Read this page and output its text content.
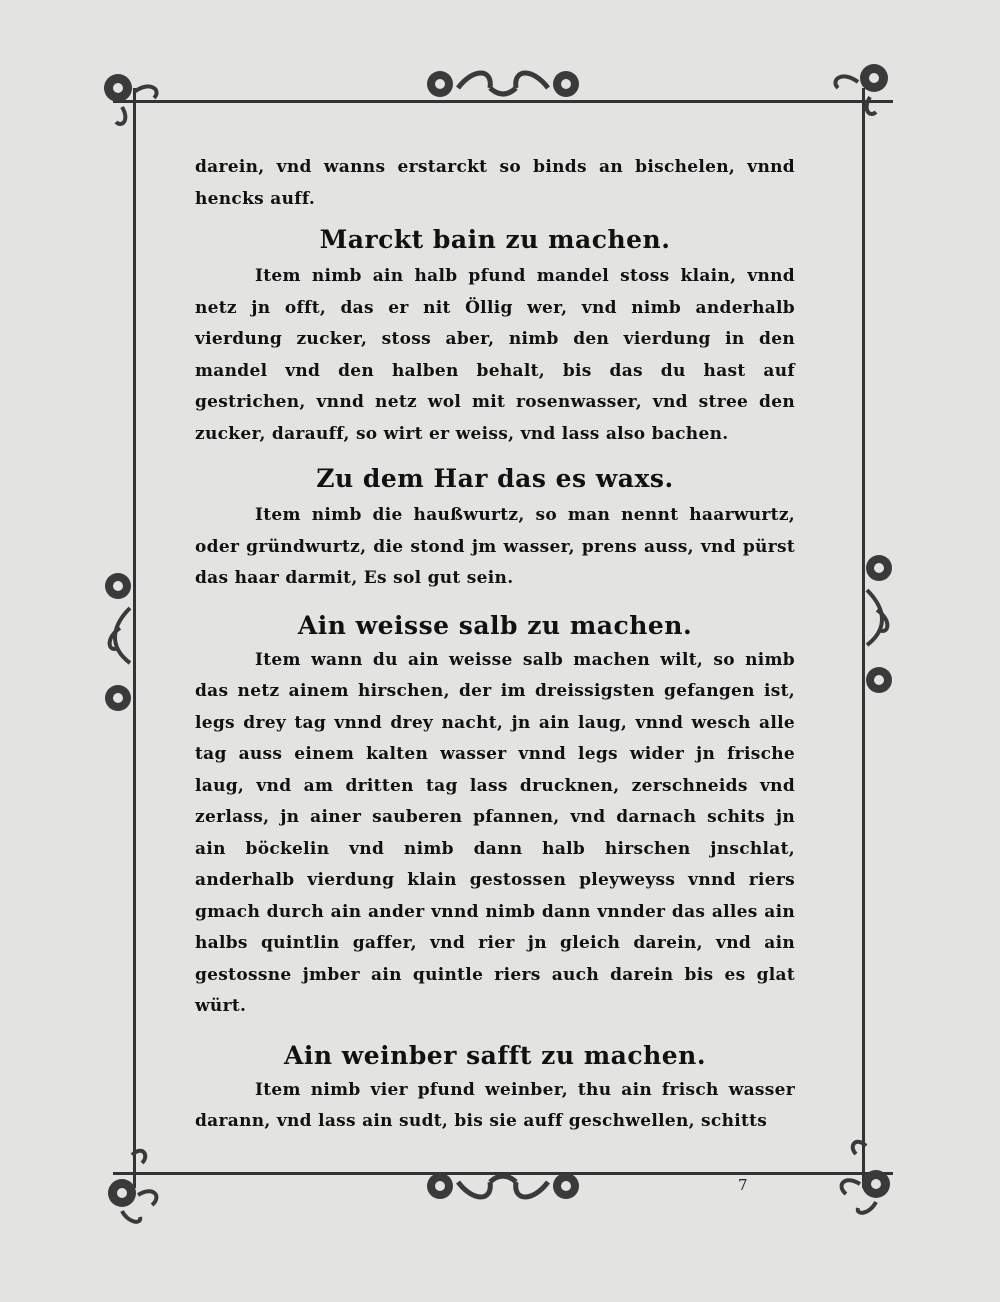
darein, vnd wanns erstarckt so binds an bischelen, vnnd hencks auff.

Marckt bain zu machen.

Item nimb ain halb pfund mandel stoss klain, vnnd netz jn offt, das er nit Öllig wer, vnd nimb anderhalb vierdung zucker, stoss aber, nimb den vierdung in den mandel vnd den halben behalt, bis das du hast auf gestrichen, vnnd netz wol mit rosenwasser, vnd stree den zucker, darauff, so wirt er weiss, vnd lass also bachen.

Zu dem Har das es waxs.

Item nimb die haußwurtz, so man nennt haarwurtz, oder gründwurtz, die stond jm wasser, prens auss, vnd pürst das haar darmit, Es sol gut sein.

Ain weisse salb zu machen.

Item wann du ain weisse salb machen wilt, so nimb das netz ainem hirschen, der im dreissigsten gefangen ist, legs drey tag vnnd drey nacht, jn ain laug, vnnd wesch alle tag auss einem kalten wasser vnnd legs wider jn frische laug, vnd am dritten tag lass drucknen, zerschneids vnd zerlass, jn ainer sauberen pfannen, vnd darnach schits jn ain böckelin vnd nimb dann halb hirschen jnschlat, anderhalb vierdung klain gestossen pleyweyss vnnd riers gmach durch ain ander vnnd nimb dann vnnder das alles ain halbs quintlin gaffer, vnd rier jn gleich darein, vnd ain gestossne jmber ain quintle riers auch darein bis es glat würt.

Ain weinber safft zu machen.

Item nimb vier pfund weinber, thu ain frisch wasser darann, vnd lass ain sudt, bis sie auff geschwellen, schitts

7
